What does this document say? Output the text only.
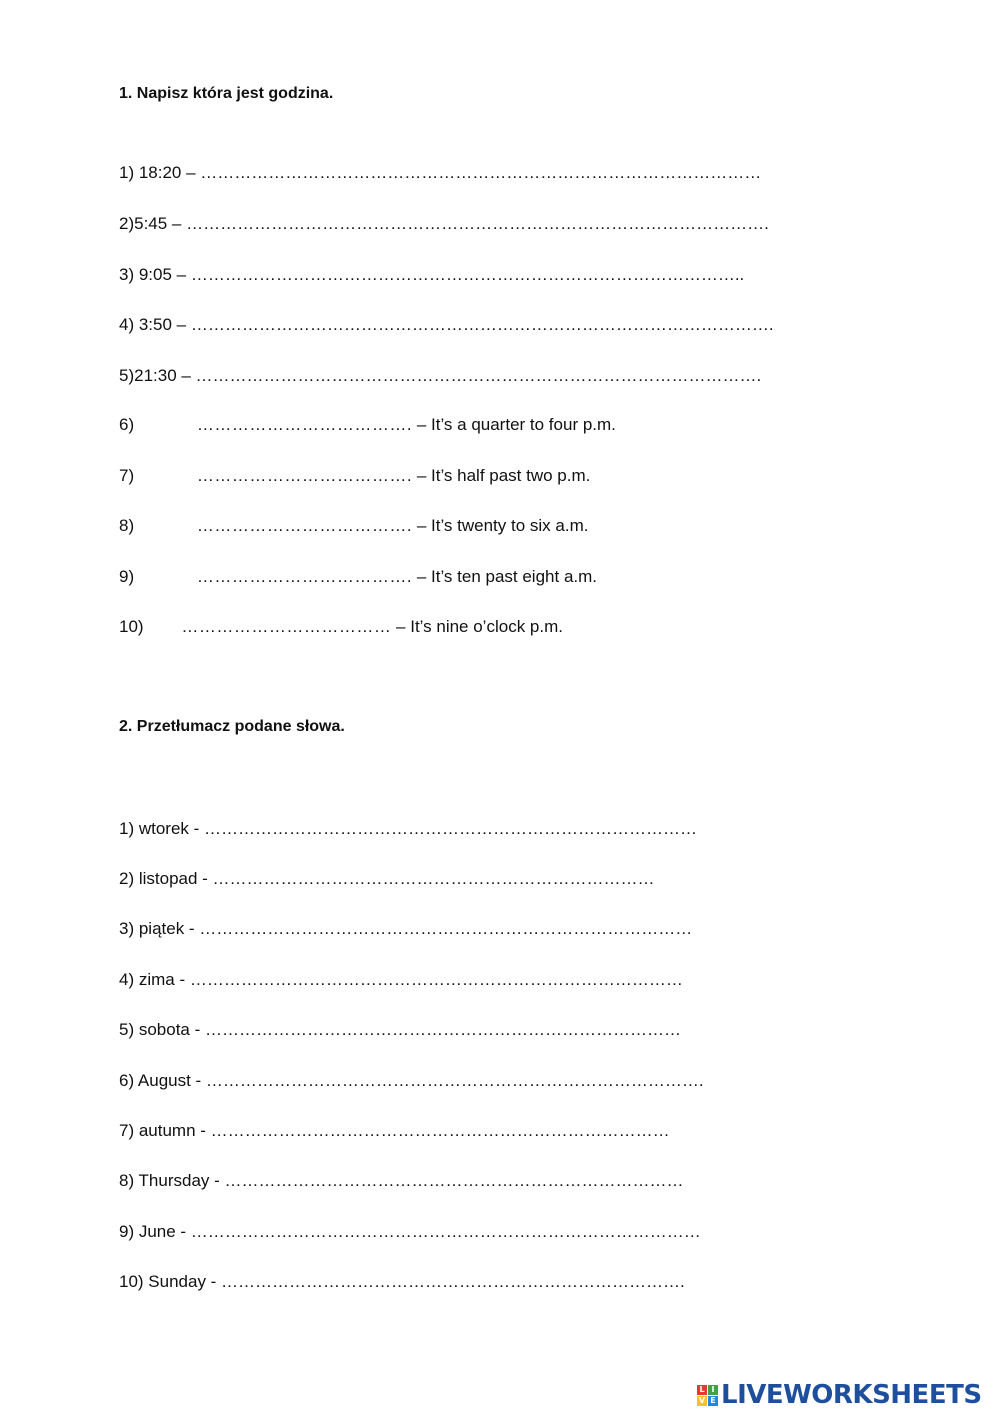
1. Napisz która jest godzina.
1) 18:20 – ………………………………………………………………………………………
2)5:45 – ………………………………………………………………………………………….
3) 9:05 – ……………………………………………………………………………………..
4) 3:50 – ………………………………………………………………………………………….
5)21:30 – ……………………………………………………………………………………….
6)	………………………………. – It’s a quarter to four p.m.
7)	………………………………. – It’s half past two p.m.
8)	………………………………. – It’s twenty to six a.m.
9)	………………………………. – It’s ten past eight a.m.
10) ……………………………… – It’s nine o’clock p.m.
2. Przetłumacz podane słowa.
1) wtorek - ……………………………………………………………………………
2) listopad - ……………………………………………………………………
3) piątek - ……………………………………………………………………………
4) zima - ……………………………………………………………………………
5) sobota - …………………………………………………………………………
6) August - …………………………………………………………………………….
7) autumn - ………………………………………………………………………
8) Thursday - ………………………………………………………………………
9) June - ………………………………………………………………………………
10) Sunday - ……………………………………………………………………….
L I
V E LIVEWORKSHEETS
